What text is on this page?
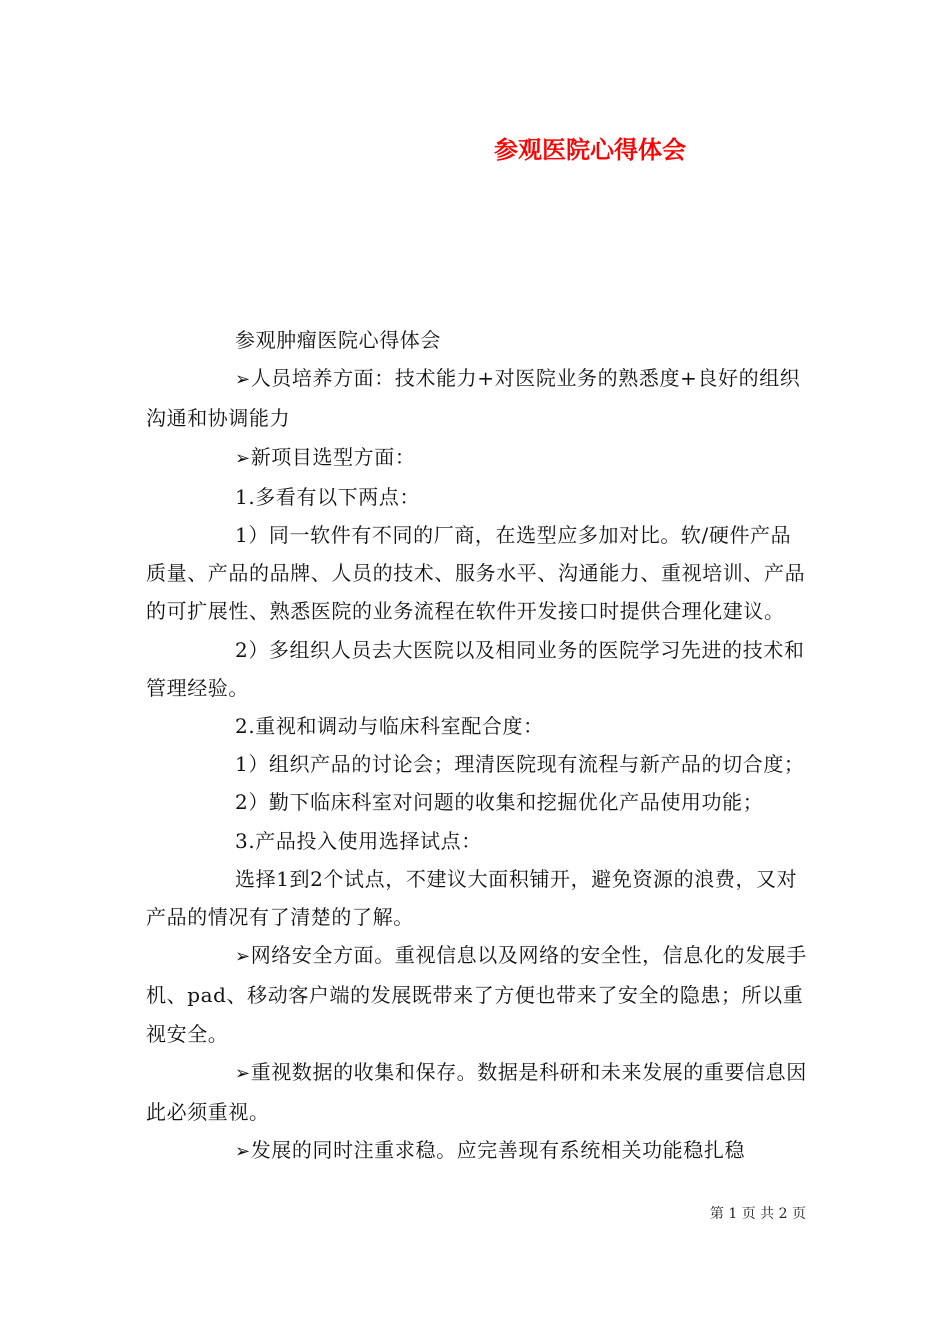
参观医院心得体会

参观肿瘤医院心得体会

➢人员培养方面：技术能力+对医院业务的熟悉度+良好的组织沟通和协调能力

➢新项目选型方面：

1.多看有以下两点：

1）同一软件有不同的厂商，在选型应多加对比。软/硬件产品质量、产品的品牌、人员的技术、服务水平、沟通能力、重视培训、产品的可扩展性、熟悉医院的业务流程在软件开发接口时提供合理化建议。

2）多组织人员去大医院以及相同业务的医院学习先进的技术和管理经验。

2.重视和调动与临床科室配合度：

1）组织产品的讨论会；理清医院现有流程与新产品的切合度；

2）勤下临床科室对问题的收集和挖掘优化产品使用功能；

3.产品投入使用选择试点：

选择1到2个试点，不建议大面积铺开，避免资源的浪费，又对产品的情况有了清楚的了解。

➢网络安全方面。重视信息以及网络的安全性，信息化的发展手机、pad、移动客户端的发展既带来了方便也带来了安全的隐患；所以重视安全。

➢重视数据的收集和保存。数据是科研和未来发展的重要信息因此必须重视。

➢发展的同时注重求稳。应完善现有系统相关功能稳扎稳

第 1 页 共 2 页
